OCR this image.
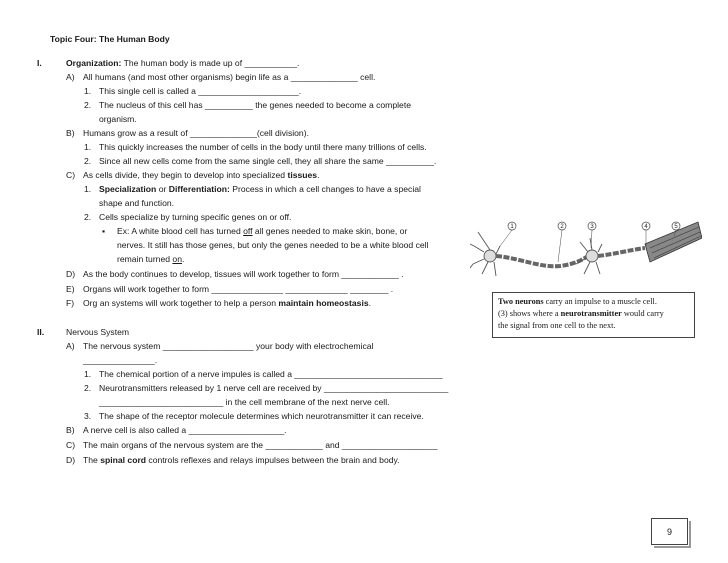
Topic Four: The Human Body
I.	Organization: The human body is made up of ___________.
A) All humans (and most other organisms) begin life as a ______________ cell.
1. This single cell is called a _____________________.
2. The nucleus of this cell has __________ the genes needed to become a complete
organism.
B) Humans grow as a result of ______________(cell division).
1. This quickly increases the number of cells in the body until there many trillions of cells.
2. Since all new cells come from the same single cell, they all share the same __________.
C) As cells divide, they begin to develop into specialized tissues.
1. Specialization or Differentiation: Process in which a cell changes to have a special
shape and function.
2. Cells specialize by turning specific genes on or off.
▪ Ex: A white blood cell has turned off all genes needed to make skin, bone, or
nerves. It still has those genes, but only the genes needed to be a white blood cell
remain turned on.
D) As the body continues to develop, tissues will work together to form ____________ .
E) Organs will work together to form _______________ _____________ ________ .
F) Org an systems will work together to help a person maintain homeostasis.
II.	Nervous System
A) The nervous system ___________________ your body with electrochemical
_______________.
1. The chemical portion of a nerve impules is called a _______________________________
2. Neurotransmitters released by 1 nerve cell are received by __________________________
__________________________ in the cell membrane of the next nerve cell.
3. The shape of the receptor molecule determines which neurotransmitter it can receive.
B) A nerve cell is also called a ____________________.
C) The main organs of the nervous system are the ____________ and ____________________
D) The spinal cord controls reflexes and relays impulses between the brain and body.
1	2	3	4	5
Two neurons carry an impulse to a muscle cell.
(3) shows where a neurotransmitter would carry
the signal from one cell to the next.
9
